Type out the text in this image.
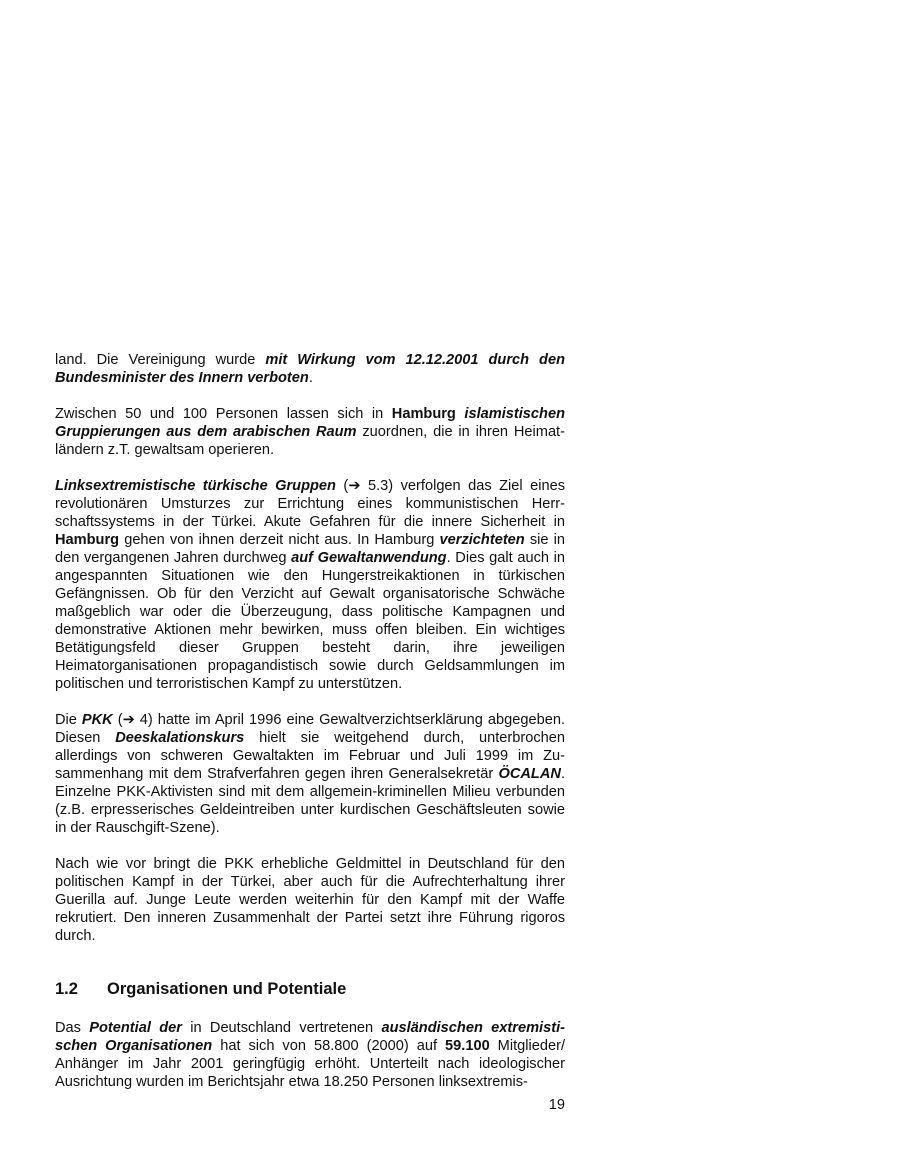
land. Die Vereinigung wurde mit Wirkung vom 12.12.2001 durch den Bundesminister des Innern verboten.

Zwischen 50 und 100 Personen lassen sich in Hamburg islamistischen Gruppierungen aus dem arabischen Raum zuordnen, die in ihren Heimatländern z.T. gewaltsam operieren.

Linksextremistische türkische Gruppen (➔ 5.3) verfolgen das Ziel eines revolutionären Umsturzes zur Errichtung eines kommunistischen Herrschaftssystems in der Türkei. Akute Gefahren für die innere Sicherheit in Hamburg gehen von ihnen derzeit nicht aus. In Hamburg verzichteten sie in den vergangenen Jahren durchweg auf Gewaltanwendung. Dies galt auch in angespannten Situationen wie den Hungerstreikaktionen in türkischen Gefängnissen. Ob für den Verzicht auf Gewalt organisatorische Schwäche maßgeblich war oder die Überzeugung, dass politische Kampagnen und demonstrative Aktionen mehr bewirken, muss offen bleiben. Ein wichtiges Betätigungsfeld dieser Gruppen besteht darin, ihre jeweiligen Heimatorganisationen propagandistisch sowie durch Geldsammlungen im politischen und terroristischen Kampf zu unterstützen.

Die PKK (➔ 4) hatte im April 1996 eine Gewaltverzichtserklärung abgegeben. Diesen Deeskalationskurs hielt sie weitgehend durch, unterbrochen allerdings von schweren Gewaltakten im Februar und Juli 1999 im Zusammenhang mit dem Strafverfahren gegen ihren Generalsekretär ÖCALAN. Einzelne PKK-Aktivisten sind mit dem allgemein-kriminellen Milieu verbunden (z.B. erpresserisches Geldeintreiben unter kurdischen Geschäftsleuten sowie in der Rauschgift-Szene).

Nach wie vor bringt die PKK erhebliche Geldmittel in Deutschland für den politischen Kampf in der Türkei, aber auch für die Aufrechterhaltung ihrer Guerilla auf. Junge Leute werden weiterhin für den Kampf mit der Waffe rekrutiert. Den inneren Zusammenhalt der Partei setzt ihre Führung rigoros durch.

1.2 Organisationen und Potentiale

Das Potential der in Deutschland vertretenen ausländischen extremistischen Organisationen hat sich von 58.800 (2000) auf 59.100 Mitglieder/ Anhänger im Jahr 2001 geringfügig erhöht. Unterteilt nach ideologischer Ausrichtung wurden im Berichtsjahr etwa 18.250 Personen linksextremis-

19
